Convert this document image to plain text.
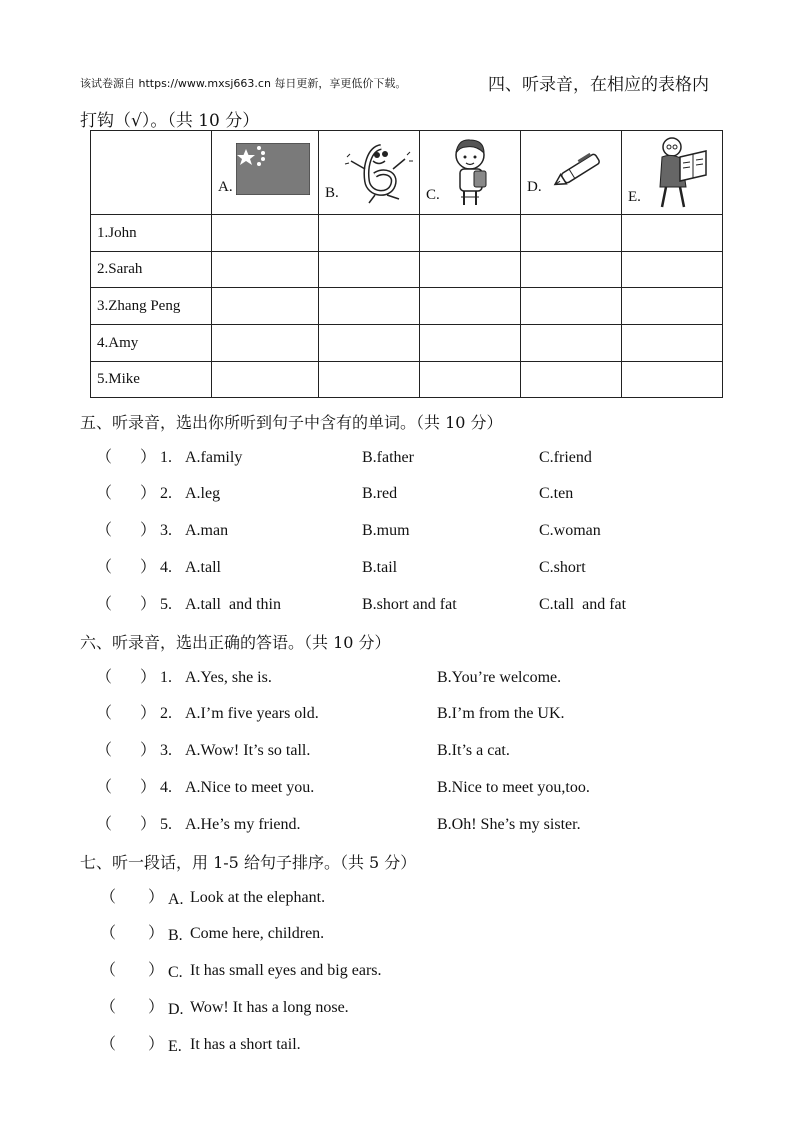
该试卷源自 https://www.mxsj663.cn 每日更新，享更低价下载。	四、听录音，在相应的表格内
打钩（√）。（共 10 分）

	A.	B.	C.	D.	E.

1.John					
2.Sarah					
3.Zhang Peng					
4.Amy					
5.Mike					
五、听录音，选出你所听到句子中含有的单词。（共 10 分）
（ ） 1. A.family	B.father	C.friend
（ ） 2. A.leg	B.red	C.ten
（ ） 3. A.man	B.mum	C.woman
（ ） 4. A.tall	B.tail	C.short
（ ） 5. A.tall  and thin	B.short and fat	C.tall  and fat
六、听录音，选出正确的答语。（共 10 分）
（ ） 1. A.Yes, she is.	B.You’re welcome.
（ ） 2. A.I’m five years old.	B.I’m from the UK.
（ ） 3. A.Wow! It’s so tall.	B.It’s a cat.
（ ） 4. A.Nice to meet you.	B.Nice to meet you,too.
（ ） 5. A.He’s my friend.	B.Oh! She’s my sister.
七、听一段话，用 1-5 给句子排序。（共 5 分）
（ ） A. Look at the elephant.
（ ） B. Come here, children.
（ ） C. It has small eyes and big ears.
（ ） D. Wow! It has a long nose.
（ ） E. It has a short tail.
